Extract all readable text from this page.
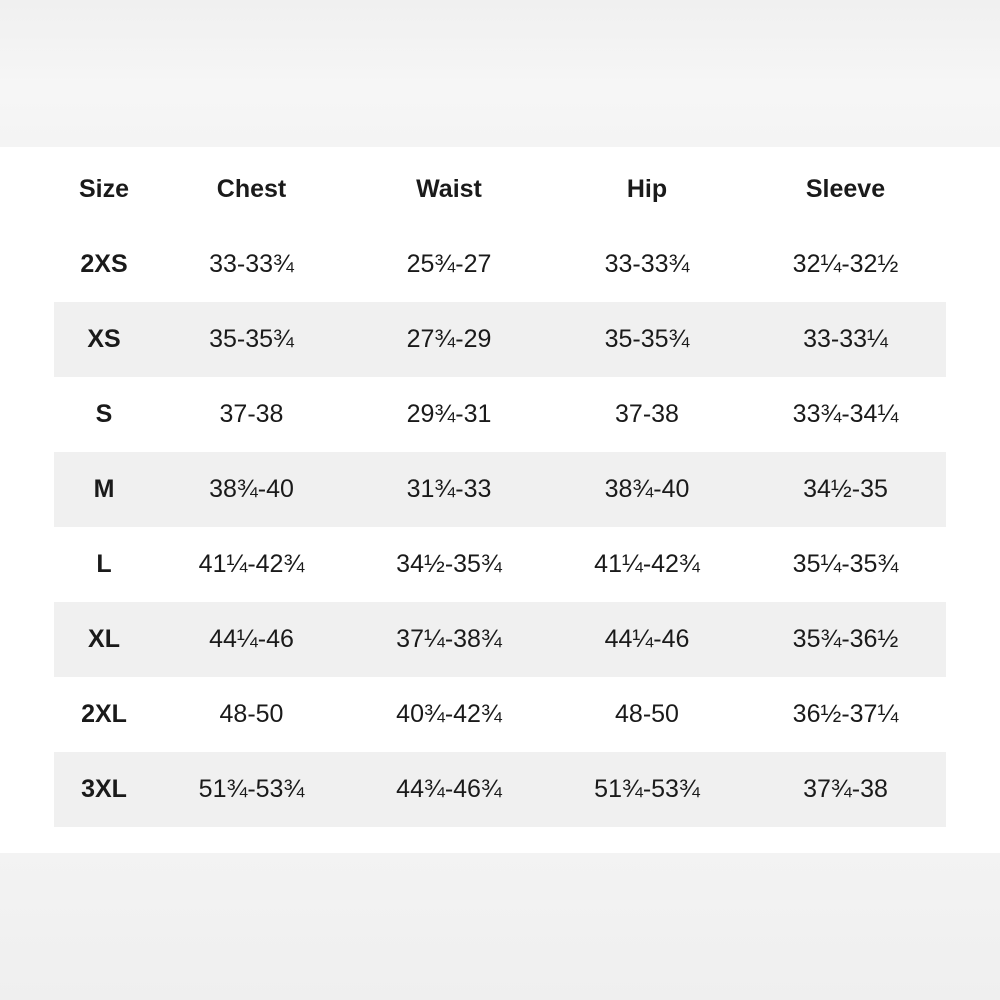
Size	Chest	Waist	Hip	Sleeve
2XS	33-33¾	25¾-27	33-33¾	32¼-32½
XS	35-35¾	27¾-29	35-35¾	33-33¼
S	37-38	29¾-31	37-38	33¾-34¼
M	38¾-40	31¾-33	38¾-40	34½-35
L	41¼-42¾	34½-35¾	41¼-42¾	35¼-35¾
XL	44¼-46	37¼-38¾	44¼-46	35¾-36½
2XL	48-50	40¾-42¾	48-50	36½-37¼
3XL	51¾-53¾	44¾-46¾	51¾-53¾	37¾-38
